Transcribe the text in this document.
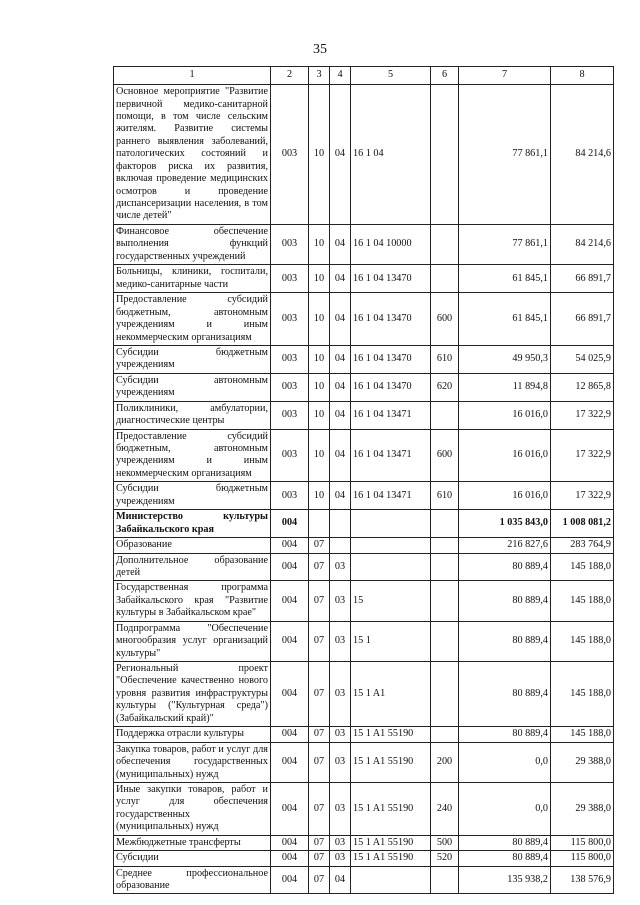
35
1	2	3	4	5	6	7	8
Основное мероприятие "Развитие первичной медико-санитарной помощи, в том числе сельским жителям. Развитие системы раннего выявления заболеваний, патологических состояний и факторов риска их развития, включая проведение медицинских осмотров и проведение диспансеризации населения, в том числе детей"	003	10	04	16 1 04		77 861,1	84 214,6
Финансовое обеспечение выполнения функций государственных учреждений	003	10	04	16 1 04 10000		77 861,1	84 214,6
Больницы, клиники, госпитали, медико-санитарные части	003	10	04	16 1 04 13470		61 845,1	66 891,7
Предоставление субсидий бюджетным, автономным учреждениям и иным некоммерческим организациям	003	10	04	16 1 04 13470	600	61 845,1	66 891,7
Субсидии бюджетным учреждениям	003	10	04	16 1 04 13470	610	49 950,3	54 025,9
Субсидии автономным учреждениям	003	10	04	16 1 04 13470	620	11 894,8	12 865,8
Поликлиники, амбулатории, диагностические центры	003	10	04	16 1 04 13471		16 016,0	17 322,9
Предоставление субсидий бюджетным, автономным учреждениям и иным некоммерческим организациям	003	10	04	16 1 04 13471	600	16 016,0	17 322,9
Субсидии бюджетным учреждениям	003	10	04	16 1 04 13471	610	16 016,0	17 322,9
Министерство культуры Забайкальского края	004					1 035 843,0	1 008 081,2
Образование	004	07				216 827,6	283 764,9
Дополнительное образование детей	004	07	03			80 889,4	145 188,0
Государственная программа Забайкальского края "Развитие культуры в Забайкальском крае"	004	07	03	15		80 889,4	145 188,0
Подпрограмма "Обеспечение многообразия услуг организаций культуры"	004	07	03	15 1		80 889,4	145 188,0
Региональный проект "Обеспечение качественно нового уровня развития инфраструктуры культуры ("Культурная среда") (Забайкальский край)"	004	07	03	15 1 A1		80 889,4	145 188,0
Поддержка отрасли культуры	004	07	03	15 1 A1 55190		80 889,4	145 188,0
Закупка товаров, работ и услуг для обеспечения государственных (муниципальных) нужд	004	07	03	15 1 A1 55190	200	0,0	29 388,0
Иные закупки товаров, работ и услуг для обеспечения государственных (муниципальных) нужд	004	07	03	15 1 A1 55190	240	0,0	29 388,0
Межбюджетные трансферты	004	07	03	15 1 A1 55190	500	80 889,4	115 800,0
Субсидии	004	07	03	15 1 A1 55190	520	80 889,4	115 800,0
Среднее профессиональное образование	004	07	04			135 938,2	138 576,9
